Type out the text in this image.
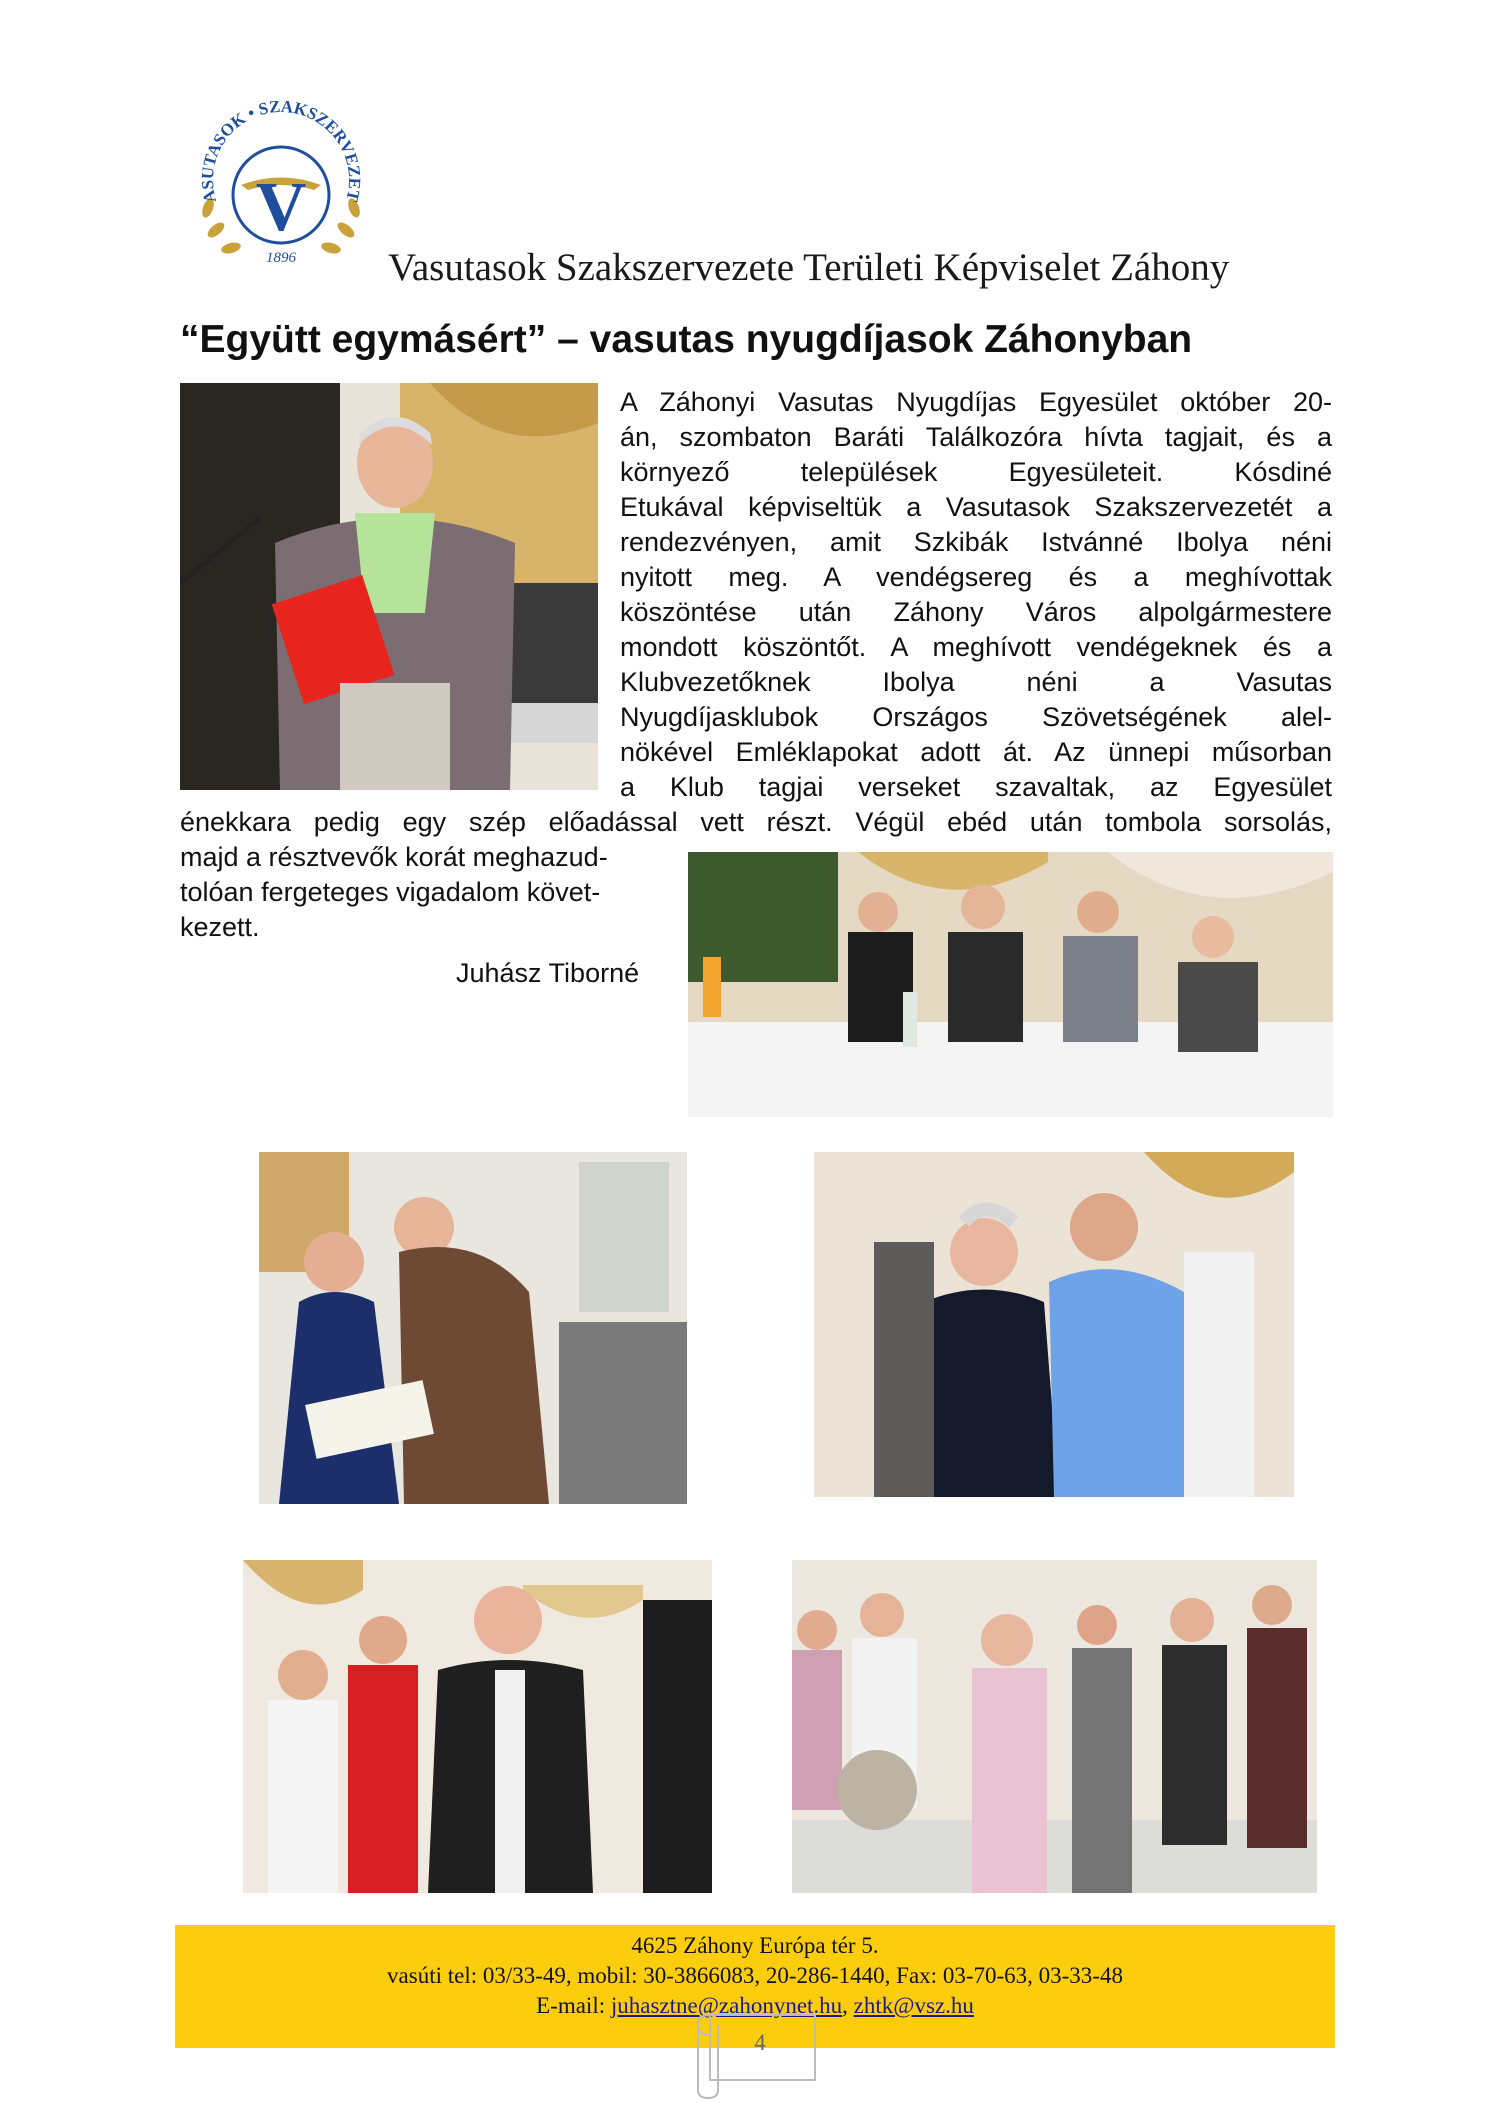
V
ASUTASOK • SZAKSZERVEZET
1896 Vasutasok Szakszervezete Területi Képviselet Záhony
“Együtt egymásért” – vasutas nyugdíjasok Záhonyban
A Záhonyi Vasutas Nyugdíjas Egyesület október 20-
án, szombaton Baráti Találkozóra hívta tagjait, és a
környező települések Egyesületeit. Kósdiné
Etukával képviseltük a Vasutasok Szakszervezetét a
rendezvényen, amit Szkibák Istvánné Ibolya néni
nyitott meg. A vendégsereg és a meghívottak
köszöntése után Záhony Város alpolgármestere
mondott köszöntőt. A meghívott vendégeknek és a
Klubvezetőknek Ibolya néni a Vasutas
Nyugdíjasklubok Országos Szövetségének alel-
nökével Emléklapokat adott át. Az ünnepi műsorban
a Klub tagjai verseket szavaltak, az Egyesület
énekkara pedig egy szép előadással vett részt. Végül ebéd után tombola sorsolás,
majd a résztvevők korát meghazud-
tolóan fergeteges vigadalom követ-
kezett.
Juhász Tiborné
4625 Záhony Európa tér 5.
vasúti tel: 03/33-49, mobil: 30-3866083, 20-286-1440, Fax: 03-70-63, 03-33-48
E-mail: juhasztne@zahonynet.hu, zhtk@vsz.hu
4
